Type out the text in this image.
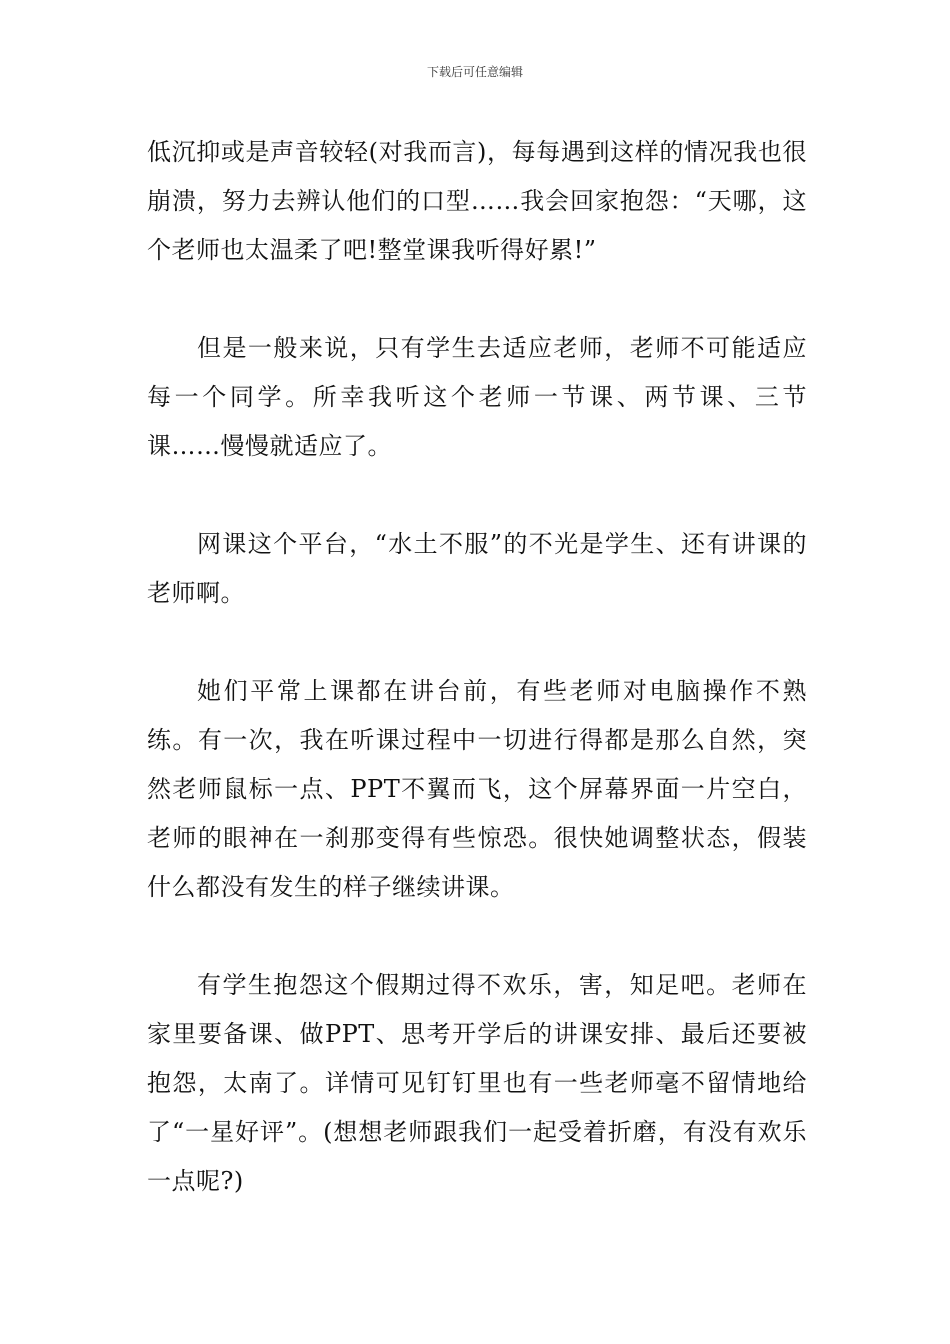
下载后可任意编辑

低沉抑或是声音较轻(对我而言)，每每遇到这样的情况我也很崩溃，努力去辨认他们的口型……我会回家抱怨：“天哪，这个老师也太温柔了吧!整堂课我听得好累!”

但是一般来说，只有学生去适应老师，老师不可能适应每一个同学。所幸我听这个老师一节课、两节课、三节课……慢慢就适应了。

网课这个平台，“水土不服”的不光是学生、还有讲课的老师啊。

她们平常上课都在讲台前，有些老师对电脑操作不熟练。有一次，我在听课过程中一切进行得都是那么自然，突然老师鼠标一点、PPT不翼而飞，这个屏幕界面一片空白，老师的眼神在一刹那变得有些惊恐。很快她调整状态，假装什么都没有发生的样子继续讲课。

有学生抱怨这个假期过得不欢乐，害，知足吧。老师在家里要备课、做PPT、思考开学后的讲课安排、最后还要被抱怨，太南了。详情可见钉钉里也有一些老师毫不留情地给了“一星好评”。(想想老师跟我们一起受着折磨，有没有欢乐一点呢?)
